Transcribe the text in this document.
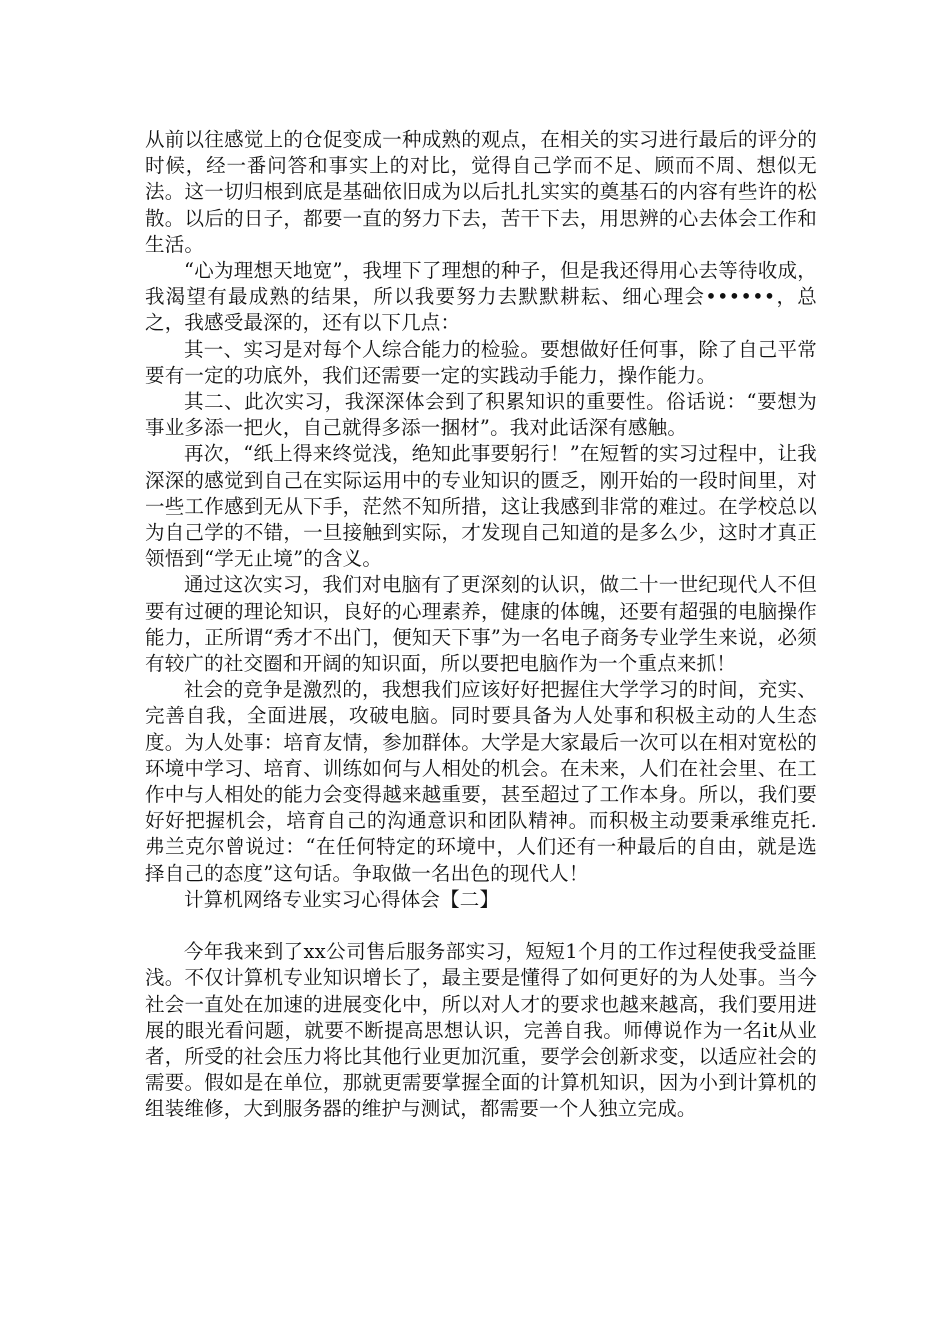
从前以往感觉上的仓促变成一种成熟的观点，在相关的实习进行最后的评分的时候，经一番问答和事实上的对比，觉得自己学而不足、顾而不周、想似无法。这一切归根到底是基础依旧成为以后扎扎实实的奠基石的内容有些许的松散。以后的日子，都要一直的努力下去，苦干下去，用思辨的心去体会工作和生活。

“心为理想天地宽”，我埋下了理想的种子，但是我还得用心去等待收成，我渴望有最成熟的结果，所以我要努力去默默耕耘、细心理会••••••，总之，我感受最深的，还有以下几点：

其一、实习是对每个人综合能力的检验。要想做好任何事，除了自己平常要有一定的功底外，我们还需要一定的实践动手能力，操作能力。

其二、此次实习，我深深体会到了积累知识的重要性。俗话说：“要想为事业多添一把火，自己就得多添一捆材”。我对此话深有感触。

再次，“纸上得来终觉浅，绝知此事要躬行！”在短暂的实习过程中，让我深深的感觉到自己在实际运用中的专业知识的匮乏，刚开始的一段时间里，对一些工作感到无从下手，茫然不知所措，这让我感到非常的难过。在学校总以为自己学的不错，一旦接触到实际，才发现自己知道的是多么少，这时才真正领悟到“学无止境”的含义。

通过这次实习，我们对电脑有了更深刻的认识，做二十一世纪现代人不但要有过硬的理论知识，良好的心理素养，健康的体魄，还要有超强的电脑操作能力，正所谓“秀才不出门，便知天下事”为一名电子商务专业学生来说，必须有较广的社交圈和开阔的知识面，所以要把电脑作为一个重点来抓！

社会的竞争是激烈的，我想我们应该好好把握住大学学习的时间，充实、完善自我，全面进展，攻破电脑。同时要具备为人处事和积极主动的人生态度。为人处事：培育友情，参加群体。大学是大家最后一次可以在相对宽松的环境中学习、培育、训练如何与人相处的机会。在未来，人们在社会里、在工作中与人相处的能力会变得越来越重要，甚至超过了工作本身。所以，我们要好好把握机会，培育自己的沟通意识和团队精神。而积极主动要秉承维克托.弗兰克尔曾说过：“在任何特定的环境中，人们还有一种最后的自由，就是选择自己的态度”这句话。争取做一名出色的现代人！

计算机网络专业实习心得体会【二】

今年我来到了xx公司售后服务部实习，短短1个月的工作过程使我受益匪浅。不仅计算机专业知识增长了，最主要是懂得了如何更好的为人处事。当今社会一直处在加速的进展变化中，所以对人才的要求也越来越高，我们要用进展的眼光看问题，就要不断提高思想认识，完善自我。师傅说作为一名it从业者，所受的社会压力将比其他行业更加沉重，要学会创新求变，以适应社会的需要。假如是在单位，那就更需要掌握全面的计算机知识，因为小到计算机的组装维修，大到服务器的维护与测试，都需要一个人独立完成。
